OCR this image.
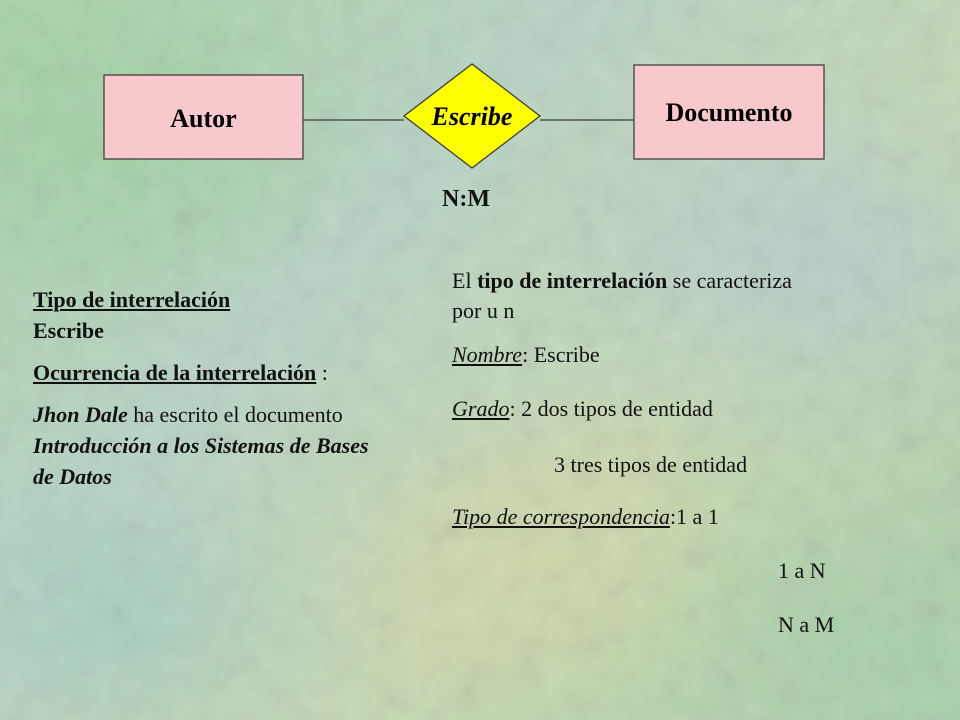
Autor	Escribe	Documento
N:M

Tipo de interrelación
Escribe

Ocurrencia de la interrelación :

Jhon Dale ha escrito el documento Introducción a los Sistemas de Bases de Datos

El tipo de interrelación se caracteriza por u n
Nombre: Escribe
Grado: 2 dos tipos de entidad
3 tres tipos de entidad
Tipo de correspondencia:1 a 1
1 a N
N a M
